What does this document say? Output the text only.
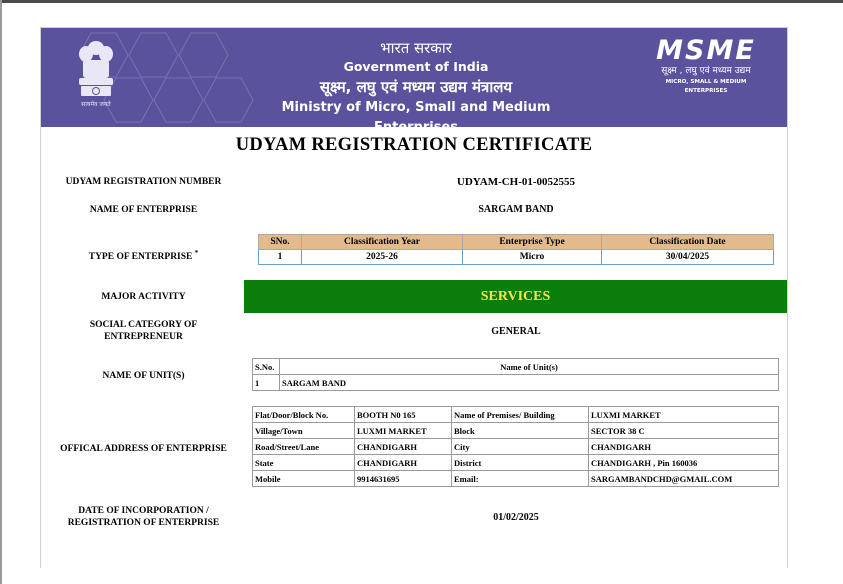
सत्यमेव जयते
भारत सरकार
Government of India
सूक्ष्म, लघु एवं मध्यम उद्यम मंत्रालय
Ministry of Micro, Small and Medium Enterprises
MSME
सूक्ष्म , लघु एवं मध्यम उद्यम
MICRO, SMALL & MEDIUM ENTERPRISES
UDYAM REGISTRATION CERTIFICATE
UDYAM REGISTRATION NUMBER	UDYAM-CH-01-0052555
NAME OF ENTERPRISE	SARGAM BAND
TYPE OF ENTERPRISE *
SNo.	Classification Year	Enterprise Type	Classification Date
1	2025-26	Micro	30/04/2025
MAJOR ACTIVITY	SERVICES
SOCIAL CATEGORY OF
ENTREPRENEUR	GENERAL
NAME OF UNIT(S)
S.No.	Name of Unit(s)
1	SARGAM BAND
OFFICAL ADDRESS OF ENTERPRISE
Flat/Door/Block No.	BOOTH N0 165	Name of Premises/ Building	LUXMI MARKET
Village/Town	LUXMI MARKET	Block	SECTOR 38 C
Road/Street/Lane	CHANDIGARH	City	CHANDIGARH
State	CHANDIGARH	District	CHANDIGARH , Pin 160036
Mobile	9914631695	Email:	SARGAMBANDCHD@GMAIL.COM
DATE OF INCORPORATION /
REGISTRATION OF ENTERPRISE	01/02/2025
